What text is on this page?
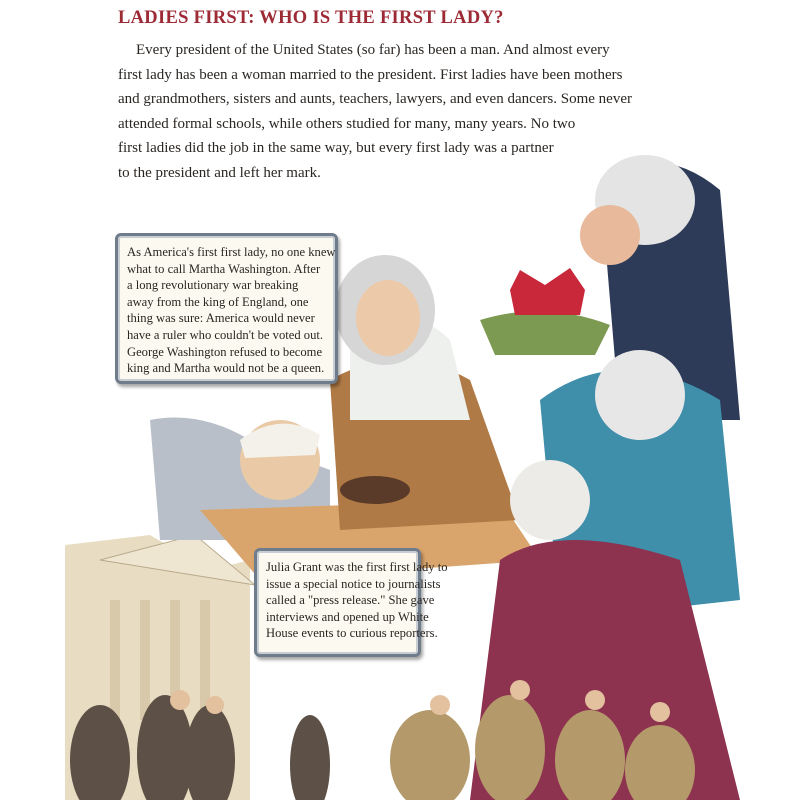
LADIES FIRST: WHO IS THE FIRST LADY?

Every president of the United States (so far) has been a man. And almost every
first lady has been a woman married to the president. First ladies have been mothers
and grandmothers, sisters and aunts, teachers, lawyers, and even dancers. Some never
attended formal schools, while others studied for many, many years. No two
first ladies did the job in the same way, but every first lady was a partner
to the president and left her mark.

As America's first first lady, no one knew
what to call Martha Washington. After
a long revolutionary war breaking
away from the king of England, one
thing was sure: America would never
have a ruler who couldn't be voted out.
George Washington refused to become
king and Martha would not be a queen.
Julia Grant was the first first lady to
issue a special notice to journalists
called a "press release." She gave
interviews and opened up White
House events to curious reporters.
